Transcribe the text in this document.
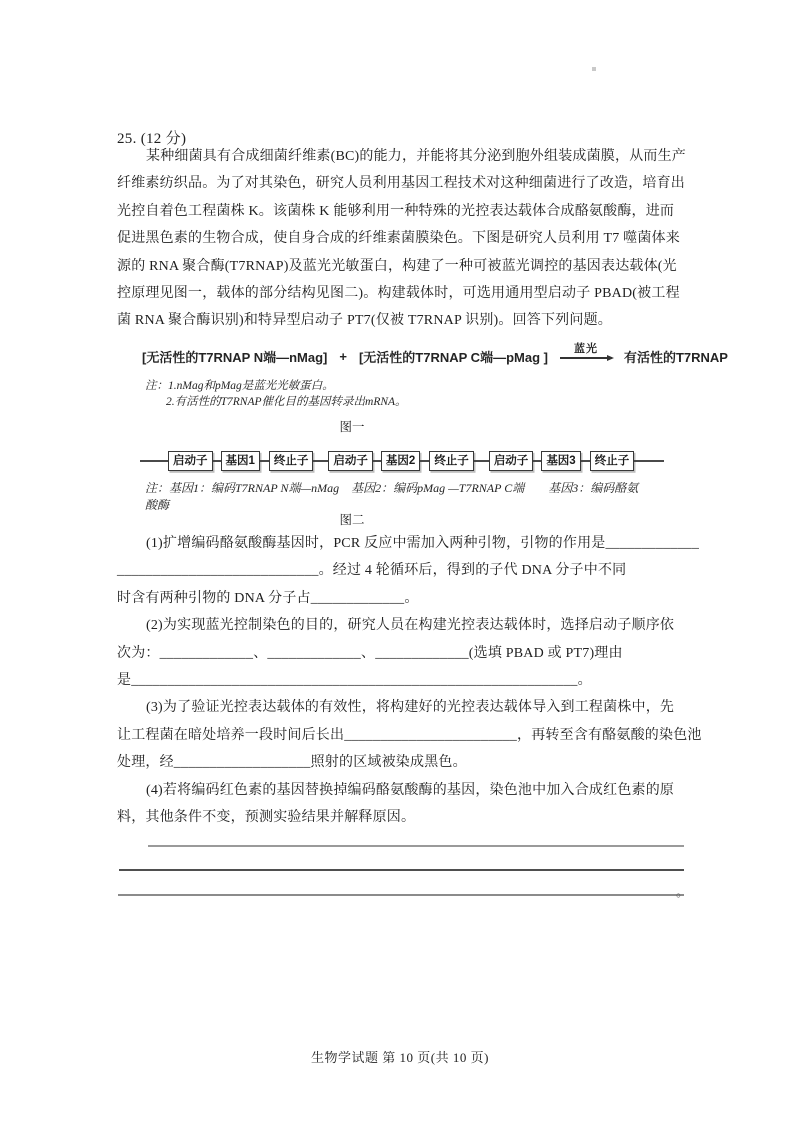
25. (12 分)
某种细菌具有合成细菌纤维素(BC)的能力，并能将其分泌到胞外组装成菌膜，从而生产
纤维素纺织品。为了对其染色，研究人员利用基因工程技术对这种细菌进行了改造，培育出
光控自着色工程菌株 K。该菌株 K 能够利用一种特殊的光控表达载体合成酪氨酸酶，进而
促进黑色素的生物合成，使自身合成的纤维素菌膜染色。下图是研究人员利用 T7 噬菌体来
源的 RNA 聚合酶(T7RNAP)及蓝光光敏蛋白，构建了一种可被蓝光调控的基因表达载体(光
控原理见图一，载体的部分结构见图二)。构建载体时，可选用通用型启动子 PBAD(被工程
菌 RNA 聚合酶识别)和特异型启动子 PT7(仅被 T7RNAP 识别)。回答下列问题。
[无活性的T7RNAP N端—nMag] + [无活性的T7RNAP C端—pMag ]
蓝光
有活性的T7RNAP
注：1.nMag和pMag是蓝光光敏蛋白。
2.有活性的T7RNAP催化目的基因转录出mRNA。
图一
启动子	基因1	终止子	启动子	基因2	终止子	启动子	基因3	终止子
注：基因1：编码T7RNAP N端—nMag　基因2：编码pMag —T7RNAP C端　　基因3：编码酪氨
酸酶
图二
(1)扩增编码酪氨酸酶基因时，PCR 反应中需加入两种引物，引物的作用是_____________
____________________________。经过 4 轮循环后，得到的子代 DNA 分子中不同
时含有两种引物的 DNA 分子占_____________。
(2)为实现蓝光控制染色的目的，研究人员在构建光控表达载体时，选择启动子顺序依
次为：_____________、_____________、_____________(选填 PBAD 或 PT7)理由
是______________________________________________________________。
(3)为了验证光控表达载体的有效性，将构建好的光控表达载体导入到工程菌株中，先
让工程菌在暗处培养一段时间后长出________________________，再转至含有酪氨酸的染色池
处理，经___________________照射的区域被染成黑色。
(4)若将编码红色素的基因替换掉编码酪氨酸酶的基因，染色池中加入合成红色素的原
料，其他条件不变，预测实验结果并解释原因。
。
生物学试题 第 10 页(共 10 页)
